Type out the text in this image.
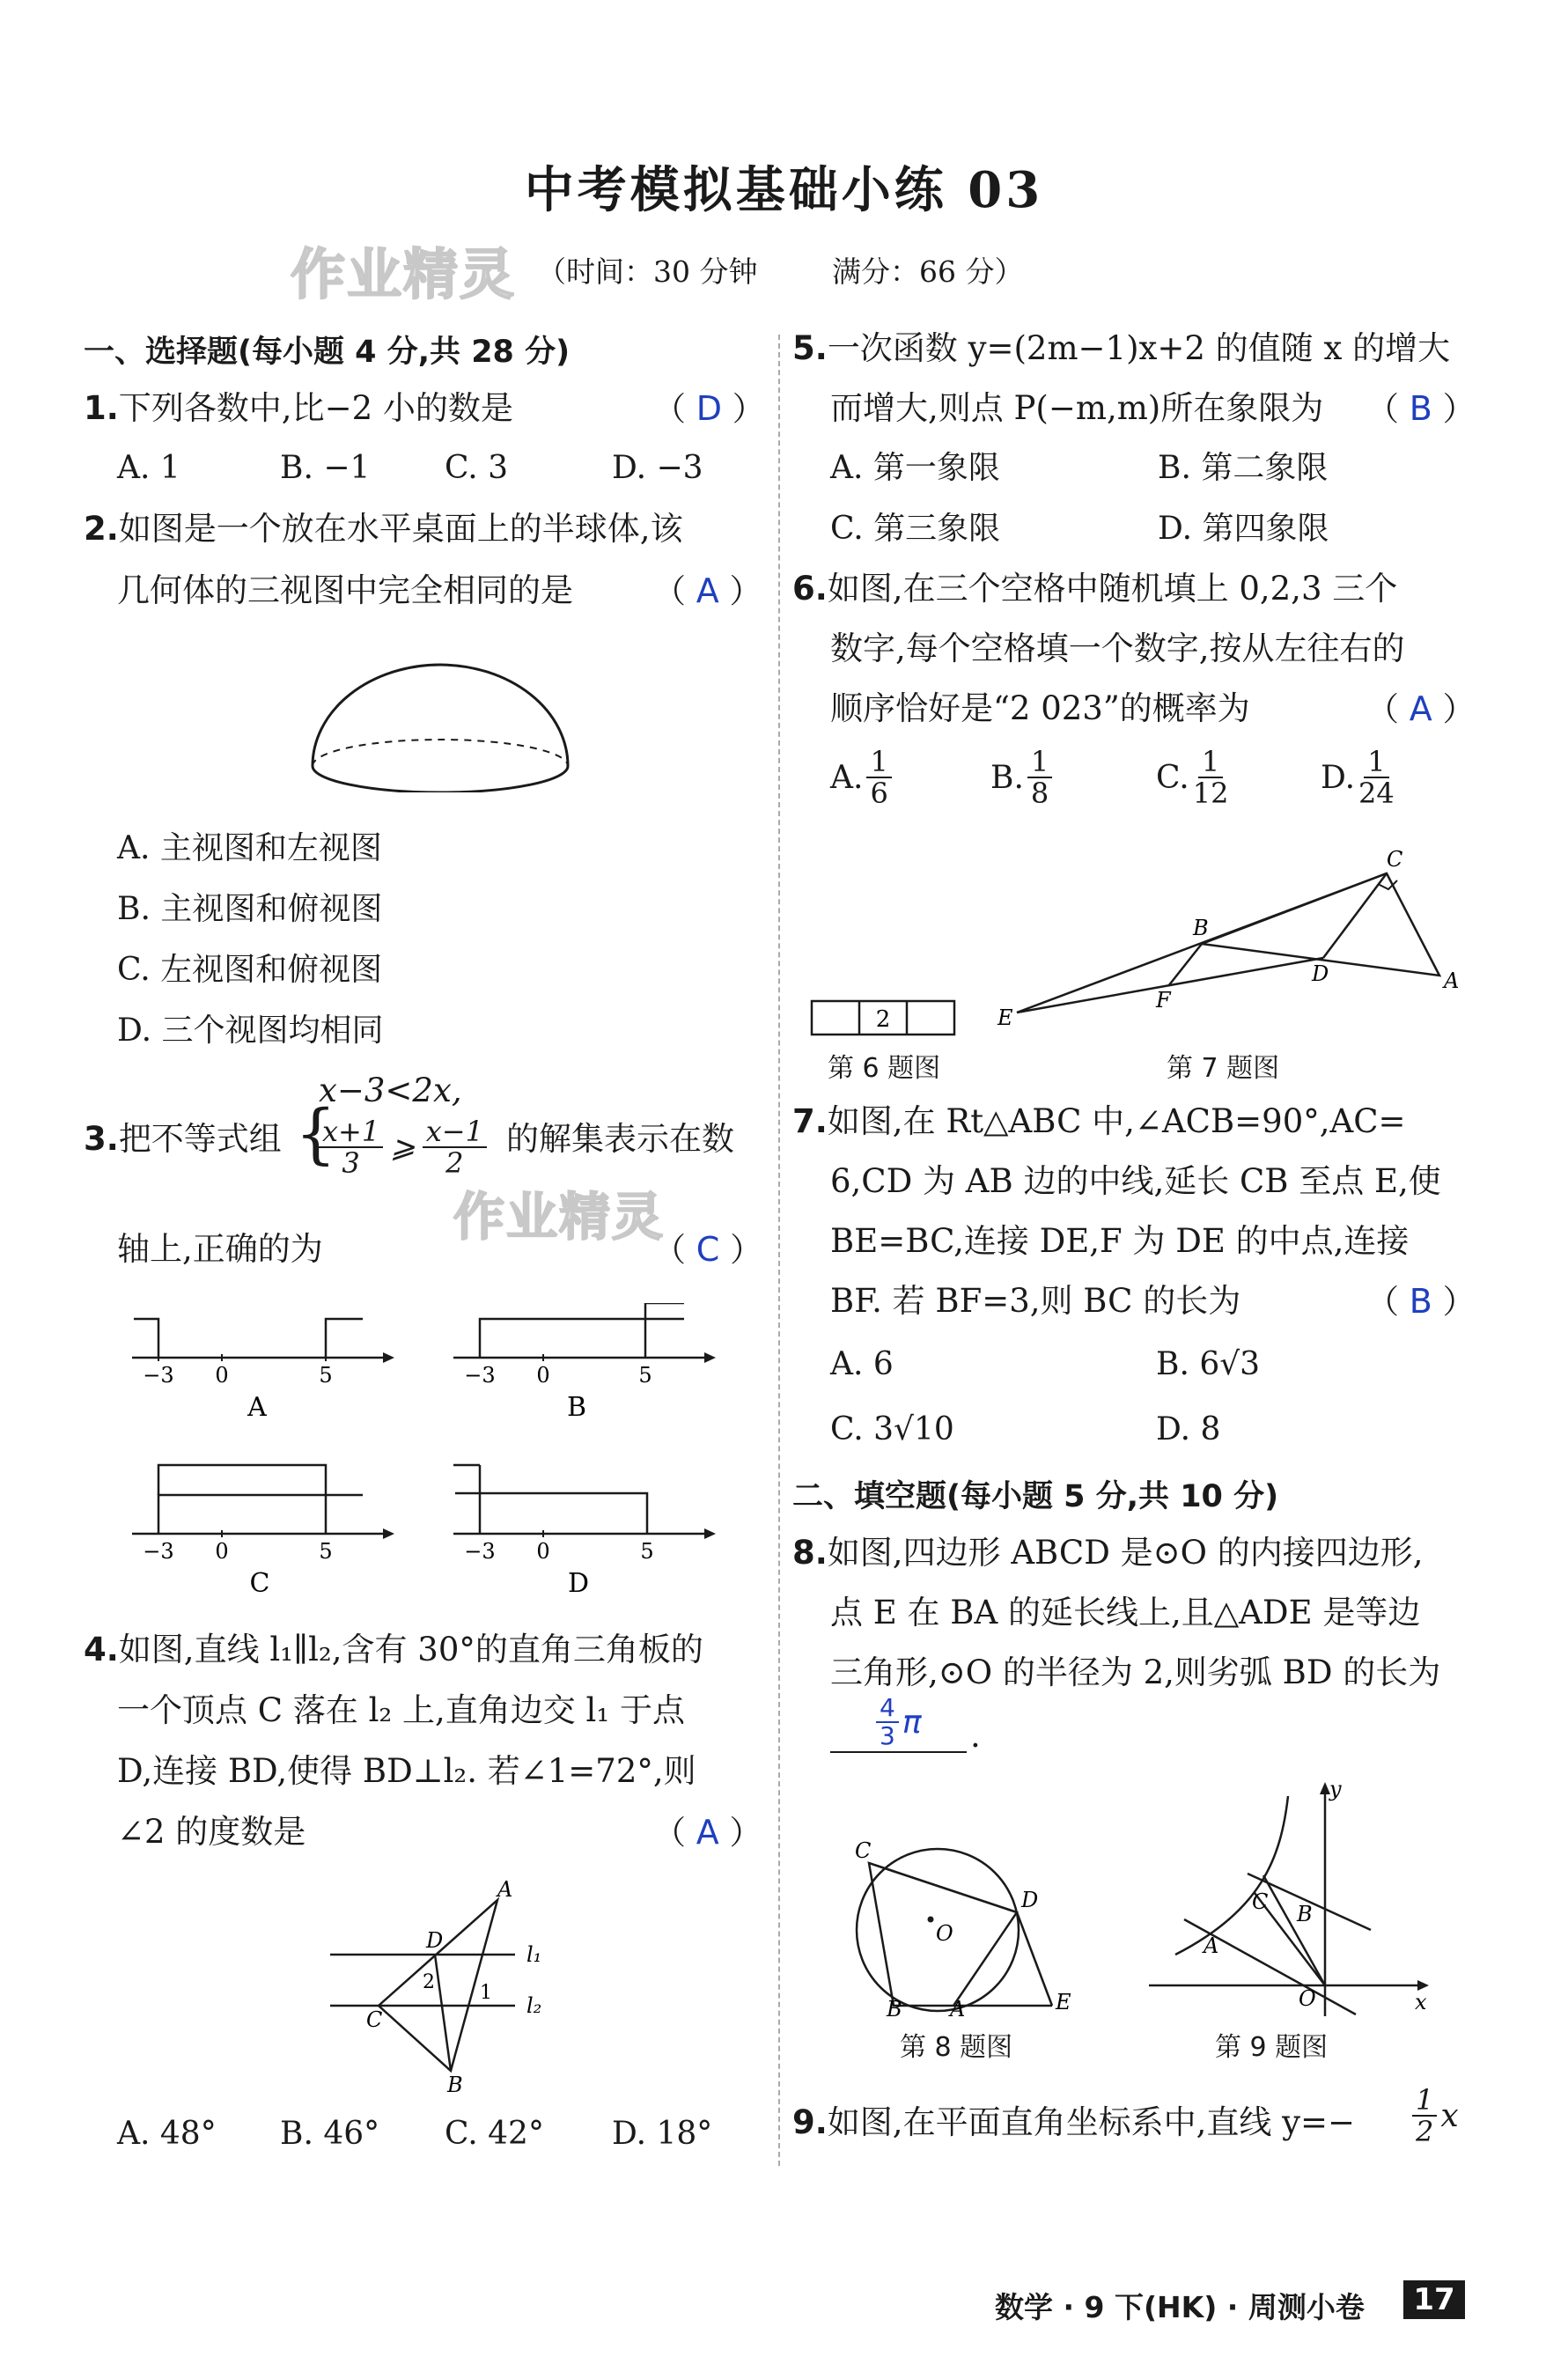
中考模拟基础小练 03
作业精灵 （时间：30 分钟	满分：66 分）
一、选择题(每小题 4 分,共 28 分)
1.下列各数中,比−2 小的数是	（ D ）
A. 1	B. −1 C. 3	D. −3
2.如图是一个放在水平桌面上的半球体,该
几何体的三视图中完全相同的是 （ A ）
A. 主视图和左视图
B. 主视图和俯视图
C. 左视图和俯视图
D. 三个视图均相同
3.把不等式组 {
x−3<2x,
$\frac{x+1}{3}$ ⩾ $\frac{x-1}{2}$ 的解集表示在数
作业精灵
轴上,正确的为	（ C ）
−3 0	5
A
−3 0	5
B
−3 0	5
C
−3 0	5
D
4.如图,直线 l₁∥l₂,含有 30°的直角三角板的
一个顶点 C 落在 l₂ 上,直角边交 l₁ 于点
D,连接 BD,使得 BD⊥l₂. 若∠1=72°,则
∠2 的度数是	（ A ）
A
D
C
B
l₁
l₂
1
2
A. 48° B. 46° C. 42° D. 18°
5.一次函数 y=(2m−1)x+2 的值随 x 的增大
而增大,则点 P(−m,m)所在象限为 （ B ）
A. 第一象限	B. 第二象限
C. 第三象限	D. 第四象限
6.如图,在三个空格中随机填上 0,2,3 三个
数字,每个空格填一个数字,按从左往右的
顺序恰好是“2 023”的概率为	（ A ）
A. $\frac{1}{6}$	B. $\frac{1}{8}$	C. $\frac{1}{12}$	D. $\frac{1}{24}$
2
第 6 题图
C
A
B
D
F
E
第 7 题图
7.如图,在 Rt△ABC 中,∠ACB=90°,AC=
6,CD 为 AB 边的中线,延长 CB 至点 E,使
BE=BC,连接 DE,F 为 DE 的中点,连接
BF. 若 BF=3,则 BC 的长为	（ B ）
A. 6	B. 6√3
C. 3√10	D. 8
二、填空题(每小题 5 分,共 10 分)
8.如图,四边形 ABCD 是⊙O 的内接四边形,
点 E 在 BA 的延长线上,且△ADE 是等边
三角形,⊙O 的半径为 2,则劣弧 BD 的长为
$\frac{4}{3}$ π .
C
D
O
B A	E
第 8 题图
y
x
O
A
C B
第 9 题图
9.如图,在平面直角坐标系中,直线 $y=- \frac{1}{2}$ x
数学 · 9 下(HK) · 周测小卷	17
